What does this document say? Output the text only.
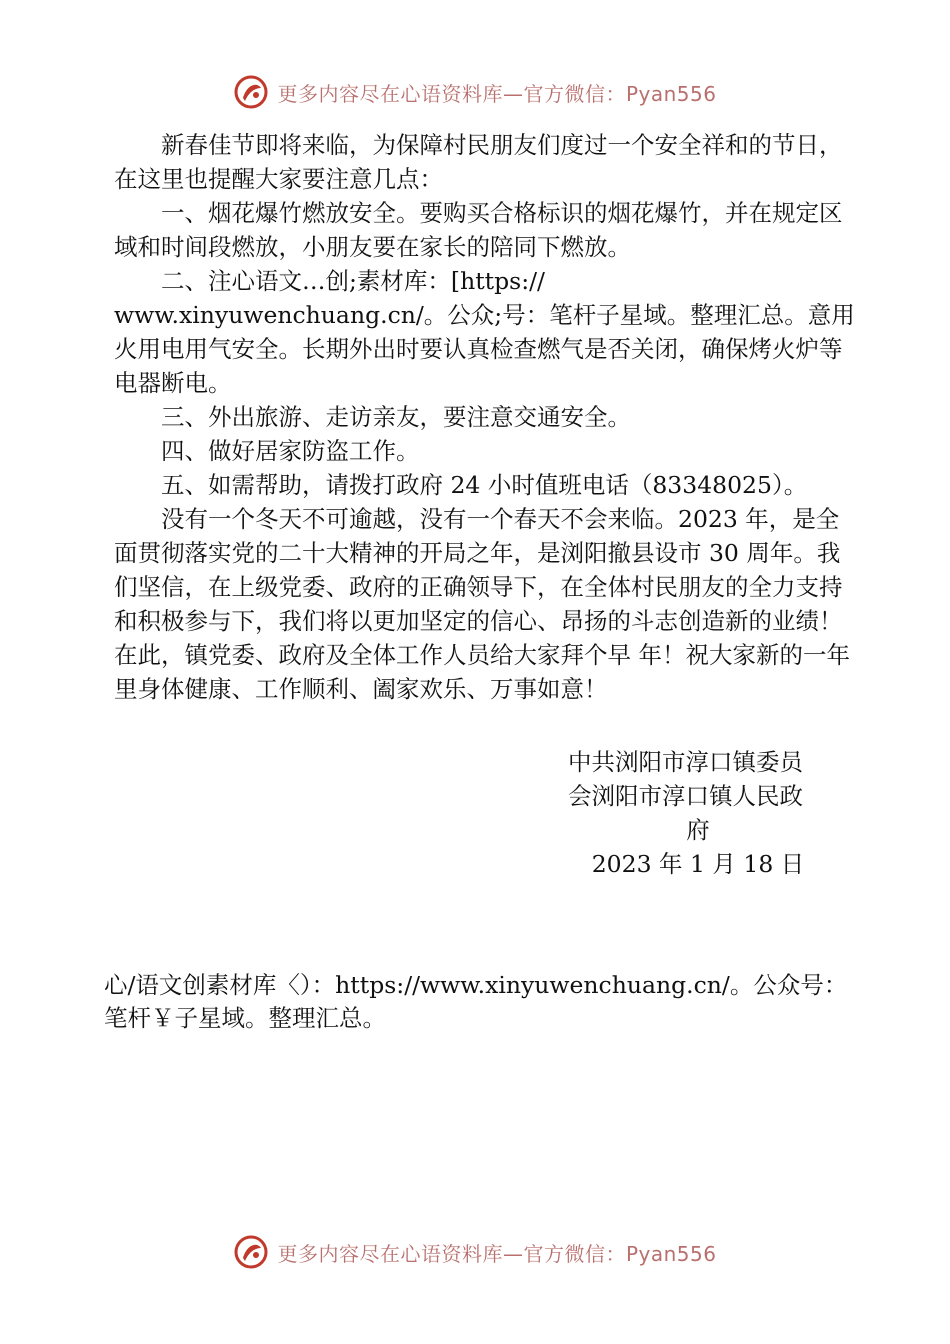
更多内容尽在心语资料库—官方微信：Pyan556

新春佳节即将来临，为保障村民朋友们度过一个安全祥和的节日，在这里也提醒大家要注意几点：

一、烟花爆竹燃放安全。要购买合格标识的烟花爆竹，并在规定区域和时间段燃放，小朋友要在家长的陪同下燃放。

二、注心语文…创;素材库：[https://

www.xinyuwenchuang.cn/。公众;号：笔杆子星域。整理汇总。意用火用电用气安全。长期外出时要认真检查燃气是否关闭，确保烤火炉等电器断电。

三、外出旅游、走访亲友，要注意交通安全。

四、做好居家防盗工作。

五、如需帮助，请拨打政府 24 小时值班电话（83348025）。

没有一个冬天不可逾越，没有一个春天不会来临。2023 年，是全面贯彻落实党的二十大精神的开局之年，是浏阳撤县设市 30 周年。我们坚信，在上级党委、政府的正确领导下，在全体村民朋友的全力支持和积极参与下，我们将以更加坚定的信心、昂扬的斗志创造新的业绩！在此，镇党委、政府及全体工作人员给大家拜个早 年！祝大家新的一年里身体健康、工作顺利、阖家欢乐、万事如意！

中共浏阳市淳口镇委员
会浏阳市淳口镇人民政
府
2023 年 1 月 18 日
心/语文创素材库〈）：https://www.xinyuwenchuang.cn/。公众号：笔杆￥子星域。整理汇总。
更多内容尽在心语资料库—官方微信：Pyan556
